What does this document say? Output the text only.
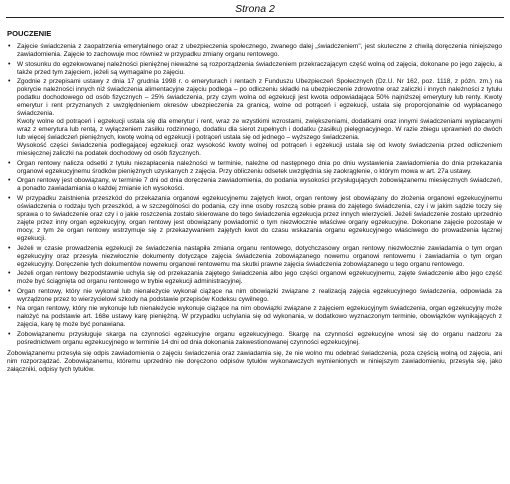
Strona 2
POUCZENIE
• Zajęcie świadczenia z zaopatrzenia emerytalnego oraz z ubezpieczenia społecznego, zwanego dalej „świadczeniem", jest skuteczne z chwilą doręczenia niniejszego zawiadomienia. Zajęcie to zachowuje moc również w przypadku zmiany organu rentowego.
• W stosunku do egzekwowanej należności pieniężnej nieważne są rozporządzenia świadczeniem przekraczającym część wolną od zajęcia, dokonane po jego zajęciu, a także przed tym zajęciem, jeżeli są wymagalne po zajęciu.
• Zgodnie z przepisami ustawy z dnia 17 grudnia 1998 r. o emeryturach i rentach z Funduszu Ubezpieczeń Społecznych (Dz.U. Nr 162, poz. 1118, z późn. zm.) na pokrycie należności innych niż świadczenia alimentacyjne zajęciu podlega – po odliczeniu składki na ubezpieczenie zdrowotne oraz zaliczki i innych należności z tytułu podatku dochodowego od osób fizycznych – 25% świadczenia, przy czym wolna od egzekucji jest kwota odpowiadająca 50% najniższej emerytury lub renty. Kwoty emerytur i rent przyznanych z uwzględnieniem okresów ubezpieczenia za granicą, wolne od potrąceń i egzekucji, ustala się proporcjonalnie od wypłacanego świadczenia.
Kwoty wolne od potrąceń i egzekucji ustala się dla emerytur i rent, wraz ze wzystkimi wzrostami, zwiększeniami, dodatkami oraz innymi świadczeniami wypłacanymi wraz z emerytura lub rentą, z wyłączeniem zasiłku rodzinnego, dodatku dla sierot zupełnych i dodatku (zasiłku) pielęgnacyjnego. W razie zbiegu uprawnień do dwóch lub więcej świadczeń pieniężnych, kwotę wolną od egzekucji i potrąceń ustala się od jednego – wyższego świadczenia.
Wysokość części świadczenia podlegającej egzekucji oraz wysokość kwoty wolnej od potrąceń i egzekucji ustala się od kwoty świadczenia przed odliczeniem miesięcznej zaliczki na podatek dochodowy od osób fizycznych.
• Organ rentowy nalicza odsetki z tytułu niezapłacenia należności w terminie, należne od następnego dnia po dniu wystawienia zawiadomienia do dnia przekazania organowi egzekucyjnemu środków pieniężnych uzyskanych z zajęcia. Przy obliczeniu odsetek uwzględnia się zaokrąglenie, o którym mowa w art. 27a ustawy.
• Organ rentowy jest obowiązany, w terminie 7 dni od dnia doręczenia zawiadomienia, do podania wysokości przysługujących zobowiązanemu miesięcznych świadczeń, a ponadto zawiadamiania o każdej zmianie ich wysokości.
• W przypadku zaistnienia przeszkód do przekazania organowi egzekucyjnemu zajętych kwot, organ rentowy jest obowiązany do złożenia organowi egzekucyjnemu oświadczenia o rodzaju tych przeszkód, a w szczególności do podania, czy inne osoby roszczą sobie prawa do zajętego świadczenia, czy i w jakim sądzie toczy się sprawa o to świadczenie oraz czy i o jakie roszczenia zostało skierowane do tego świadczenia egzekucja przez innych wierzycieli. Jeżeli świadczenie zostało uprzednio zajęte przez inny organ egzekucyjny, organ rentowy jest obowiązany powiadomić o tym niezwłocznie właściwe organy egzekucyjne. Dokonane zajęcie pozostaje w mocy, z tym że organ rentowy wstrzymuje się z przekazywaniem zajętych kwot do czasu wskazania organu egzekucyjnego właściwego do prowadzenia łącznej egzekucji.
• Jeżeli w czasie prowadzenia egzekucji ze świadczenia nastąpiła zmiana organu rentowego, dotychczasowy organ rentowy niezwłocznie zawiadamia o tym organ egzekucyjny oraz przesyła niezwłocznie dokumenty dotyczące zajęcia świadczenia zobowiązanego nowemu organowi rentowemu i zawiadamia o tym organ egzekucyjny. Doręczenie tych dokumentów nowemu organowi rentowemu ma skutki prawne zajęcia świadczenia zobowiązanego u tego organu rentowego.
• Jeżeli organ rentowy bezpodstawnie uchyla się od przekazania zajętego świadczenia albo jego części organowi egzekucyjnemu, zajęte świadczenie albo jego część może być ściągnięta od organu rentowego w trybie egzekucji administracyjnej.
• Organ rentowy, który nie wykonał lub nienależycie wykonał ciążące na nim obowiązki związane z realizacją zajęcia egzekucyjnego świadczenia, odpowiada za wyrządzone przez to wierzycielowi szkody na podstawie przepisów Kodeksu cywilnego.
• Na organ rentowy, który nie wykonuje lub nienależycie wykonuje ciążące na nim obowiązki związane z zajęciem egzekucyjnym świadczenia, organ egzekucyjny może nałożyć na podstawie art. 168e ustawy karę pieniężną. W przypadku uchylania się od wykonania, w dodatkowo wyznaczonym terminie, obowiązków wynikających z zajęcia, karę tę może być ponawiana.
• Zobowiązanemu przysługuje skarga na czynności egzekucyjne organu egzekucyjnego. Skargę na czynności egzekucyjne wnosi się do organu nadzoru za pośrednictwem organu egzekucyjnego w terminie 14 dni od dnia dokonania zakwestionowanej czynności egzekucyjnej.

Zobowiązanemu przesyła się odpis zawiadomienia o zajęciu świadczenia oraz zawiadamia się, że nie wolno mu odebrać świadczenia, poza częścią wolną od zajęcia, ani nim rozporządzać. Zobowiązanemu, któremu uprzednio nie doręczono odpisów tytułów wykonawczych wymienionych w niniejszym zawiadomieniu, przesyła się, jako załączniki, odpisy tych tytułów.
